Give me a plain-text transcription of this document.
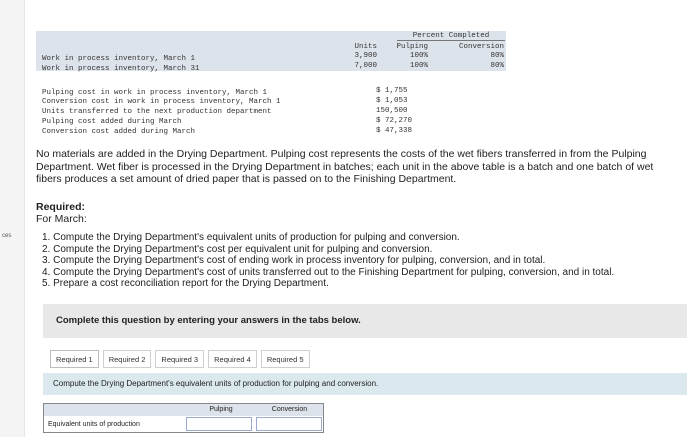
ces
Percent Completed
Units	Pulping	Conversion
Work in process inventory, March 1	3,900	100%	80%
Work in process inventory, March 31	7,000	100%	80%
Pulping cost in work in process inventory, March 1	$ 1,755
Conversion cost in work in process inventory, March 1	$ 1,053
Units transferred to the next production department	150,500
Pulping cost added during March	$ 72,270
Conversion cost added during March	$ 47,338
No materials are added in the Drying Department. Pulping cost represents the costs of the wet fibers transferred in from the Pulping Department. Wet fiber is processed in the Drying Department in batches; each unit in the above table is a batch and one batch of wet fibers produces a set amount of dried paper that is passed on to the Finishing Department.
Required:
For March:
1. Compute the Drying Department's equivalent units of production for pulping and conversion.
2. Compute the Drying Department's cost per equivalent unit for pulping and conversion.
3. Compute the Drying Department's cost of ending work in process inventory for pulping, conversion, and in total.
4. Compute the Drying Department's cost of units transferred out to the Finishing Department for pulping, conversion, and in total.
5. Prepare a cost reconciliation report for the Drying Department.
Complete this question by entering your answers in the tabs below.
Required 1	Required 2	Required 3	Required 4	Required 5
Compute the Drying Department's equivalent units of production for pulping and conversion.
Pulping	Conversion
Equivalent units of production
